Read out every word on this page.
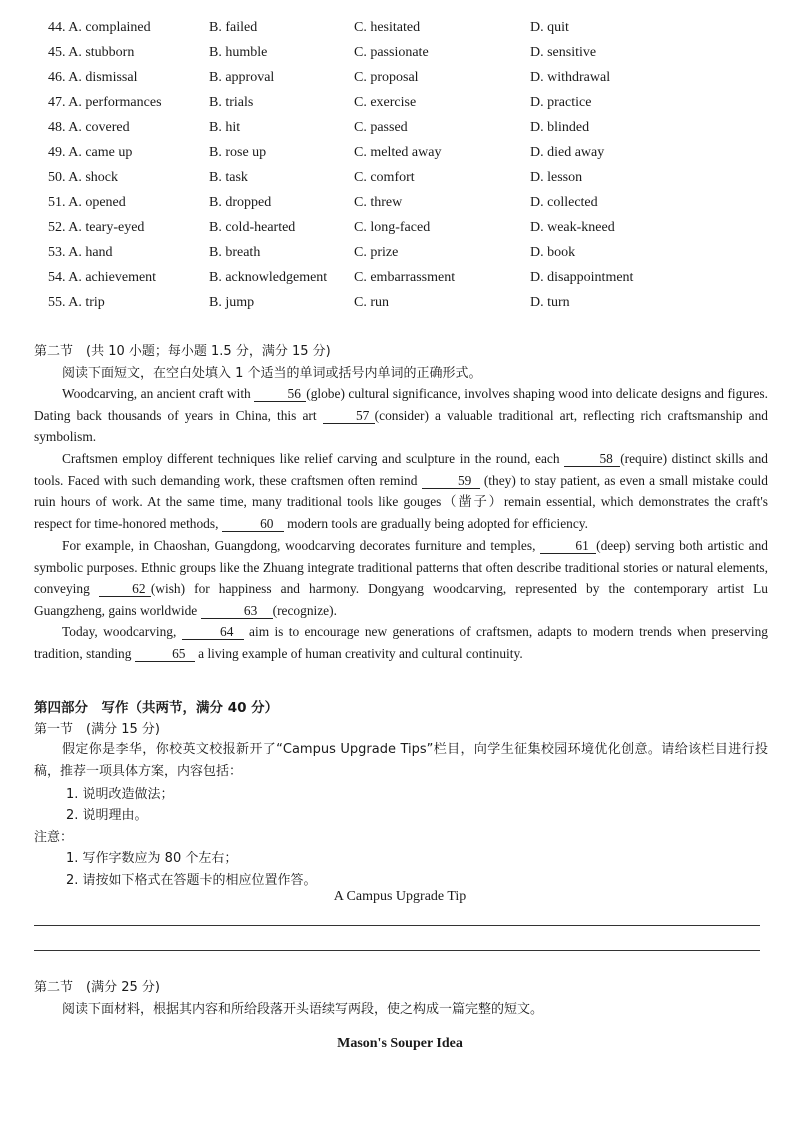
44. A. complained	B. failed	C. hesitated	D. quit
45. A. stubborn	B. humble	C. passionate	D. sensitive
46. A. dismissal	B. approval	C. proposal	D. withdrawal
47. A. performances	B. trials	C. exercise	D. practice
48. A. covered	B. hit	C. passed	D. blinded
49. A. came up	B. rose up	C. melted away	D. died away
50. A. shock	B. task	C. comfort	D. lesson
51. A. opened	B. dropped	C. threw	D. collected
52. A. teary-eyed	B. cold-hearted	C. long-faced	D. weak-kneed
53. A. hand	B. breath	C. prize	D. book
54. A. achievement	B. acknowledgement C. embarrassment	D. disappointment
55. A. trip	B. jump	C. run	D. turn
第二节　(共 10 小题；每小题 1.5 分，满分 15 分)
阅读下面短文，在空白处填入 1 个适当的单词或括号内单词的正确形式。
Woodcarving, an ancient craft with	56 (globe) cultural significance, involves shaping wood into delicate designs and figures. Dating back thousands of years in China, this art	57 (consider) a valuable traditional art, reflecting rich craftsmanship and symbolism.
Craftsmen employ different techniques like relief carving and sculpture in the round, each	58 (require) distinct skills and tools. Faced with such demanding work, these craftsmen often remind	59 (they) to stay patient, as even a small mistake could ruin hours of work. At the same time, many traditional tools like gouges（凿子）remain essential, which demonstrates the craft's respect for time-honored methods,	60 modern tools are gradually being adopted for efficiency.
For example, in Chaoshan, Guangdong, woodcarving decorates furniture and temples,	61 (deep) serving both artistic and symbolic purposes. Ethnic groups like the Zhuang integrate traditional patterns that often describe traditional stories or natural elements, conveying	62 (wish) for happiness and harmony. Dongyang woodcarving, represented by the contemporary artist Lu Guangzheng, gains worldwide	63 (recognize).
Today, woodcarving,	64 aim is to encourage new generations of craftsmen, adapts to modern trends when preserving tradition, standing	65 a living example of human creativity and cultural continuity.
第四部分　写作（共两节，满分 40 分）
第一节　(满分 15 分)
假定你是李华，你校英文校报新开了“Campus Upgrade Tips”栏目，向学生征集校园环境优化创意。请给该栏目进行投稿，推荐一项具体方案，内容包括：
1. 说明改造做法；
2. 说明理由。
注意：
1. 写作字数应为 80 个左右；
2. 请按如下格式在答题卡的相应位置作答。
A Campus Upgrade Tip
第二节　(满分 25 分)
阅读下面材料，根据其内容和所给段落开头语续写两段，使之构成一篇完整的短文。
Mason's Souper Idea
